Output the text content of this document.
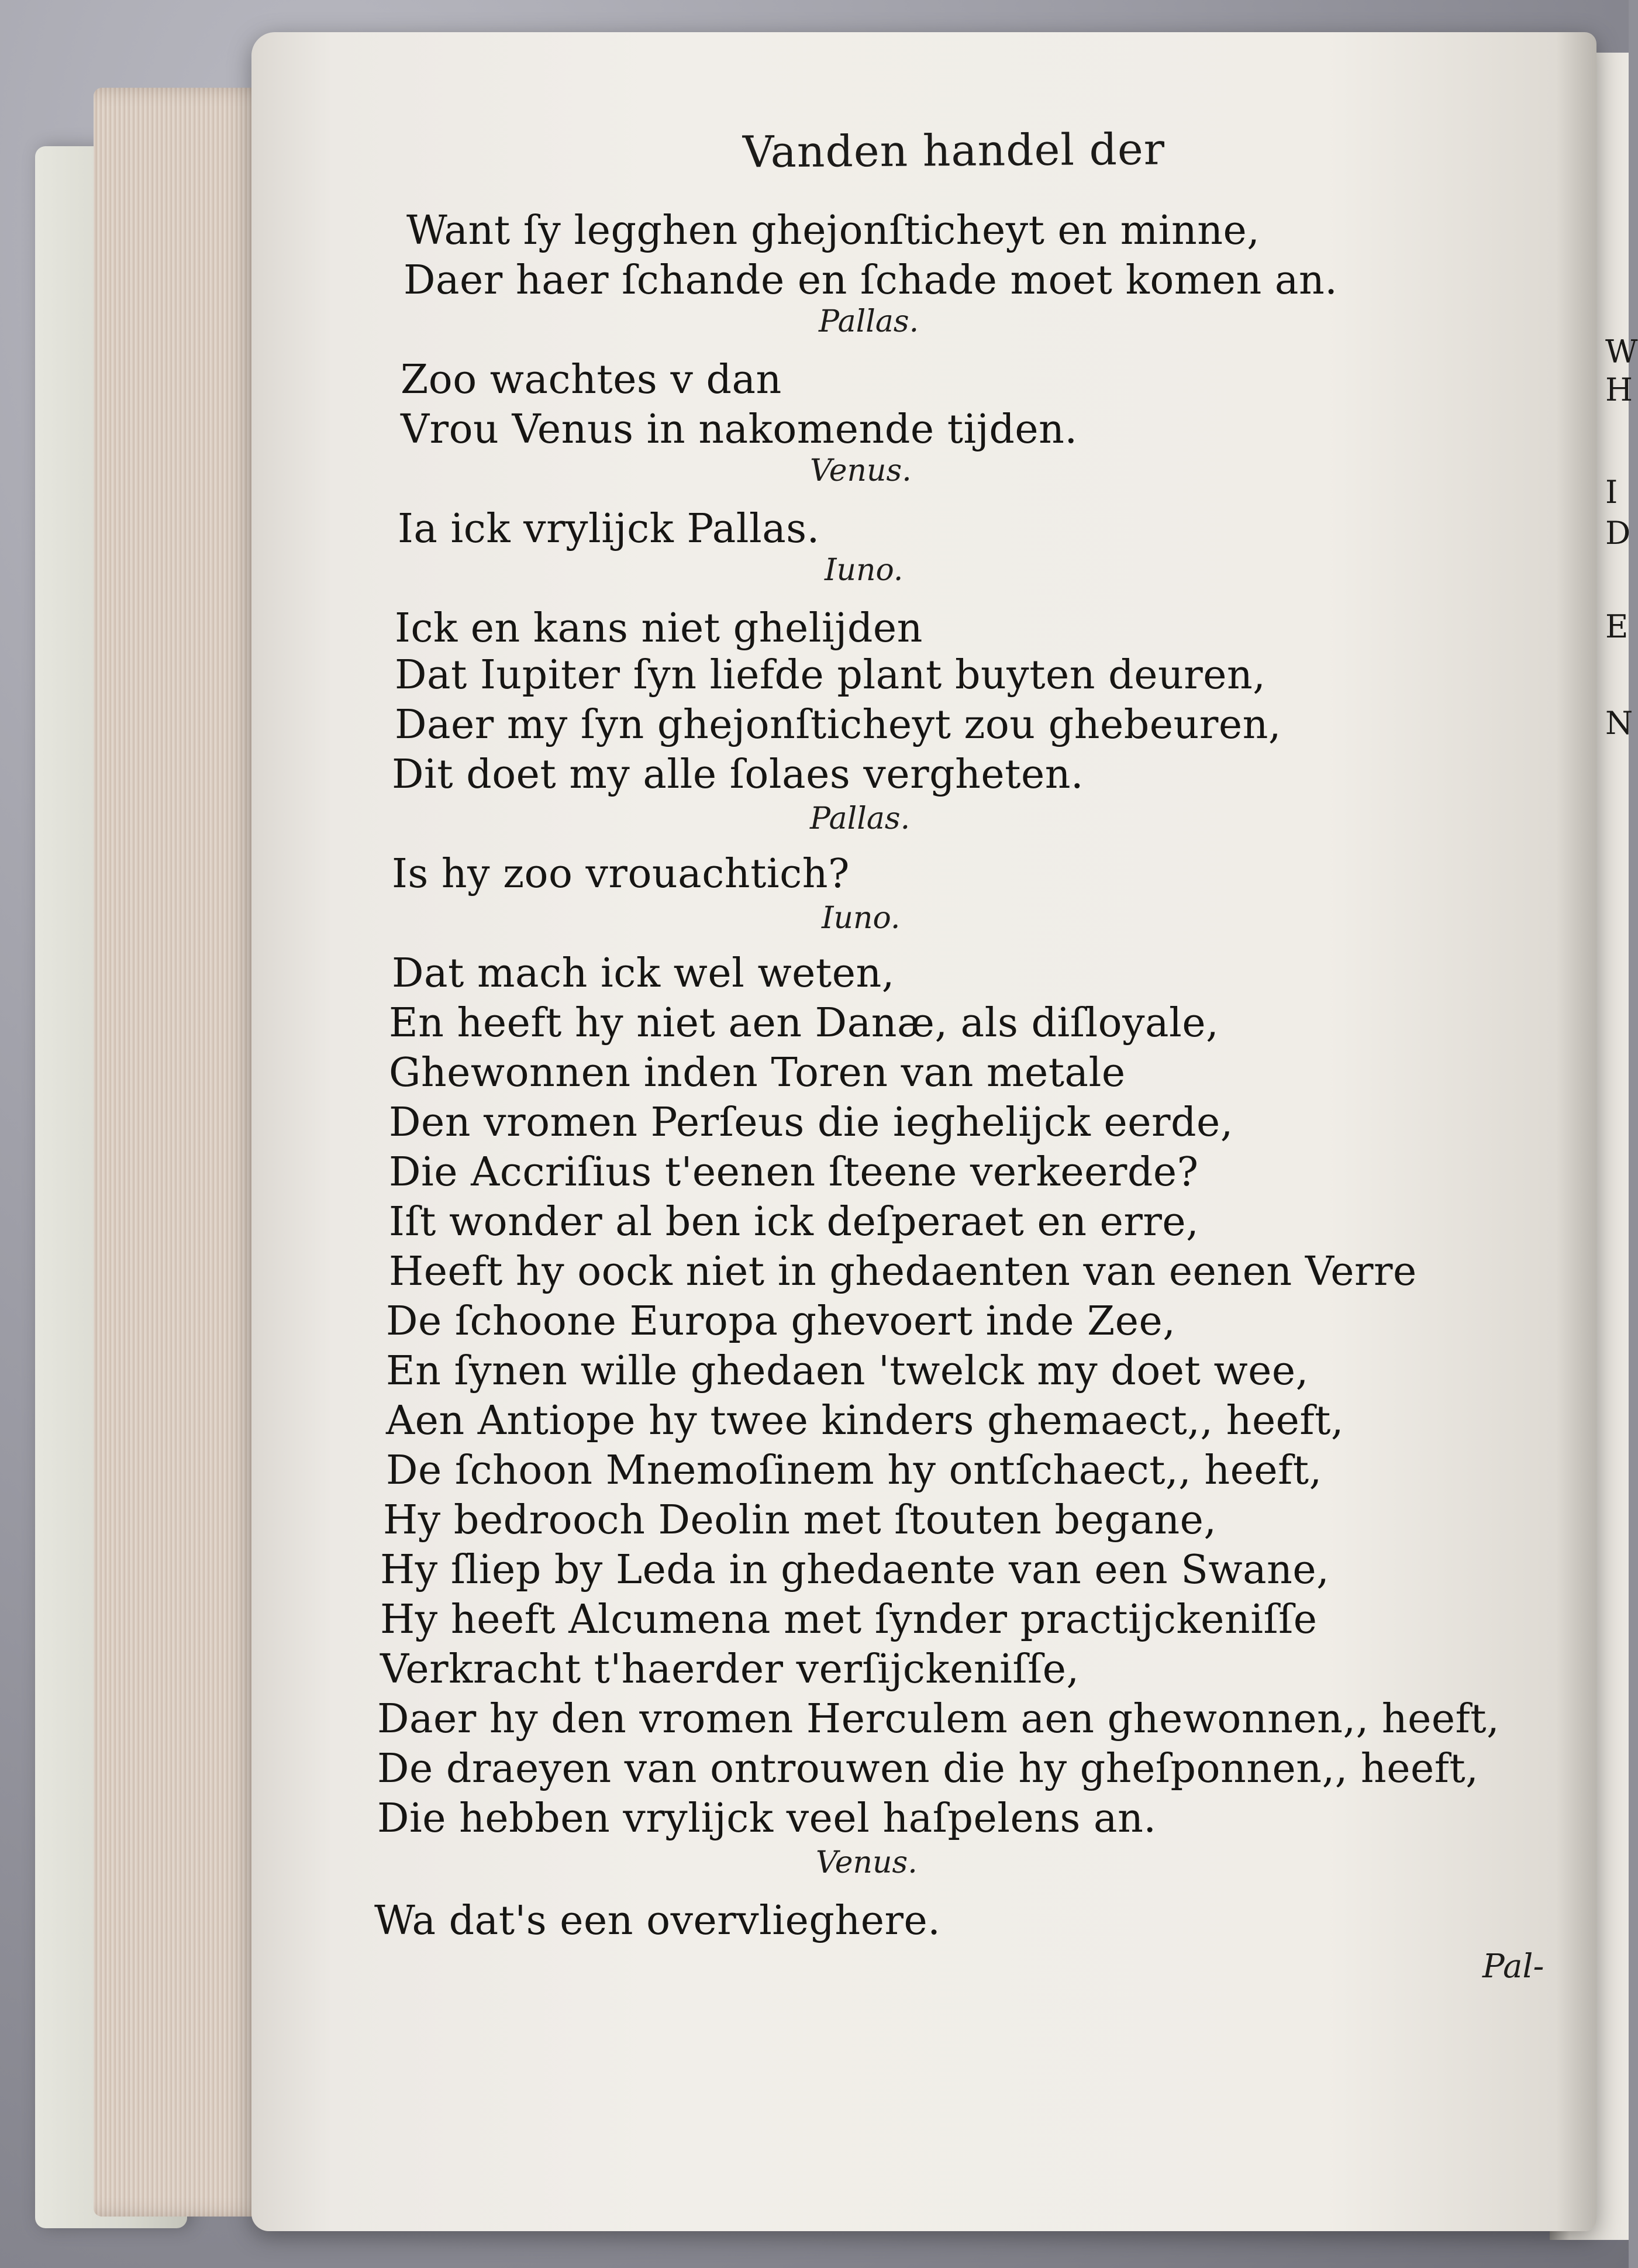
W
H
I
D
E
N
Vanden handel der
Want ſy legghen ghejonſticheyt en minne,
Daer haer ſchande en ſchade moet komen an.
Pallas.
Zoo wachtes v dan
Vrou Venus in nakomende tijden.
Venus.
Ia ick vrylijck Pallas.
Iuno.
Ick en kans niet ghelijden
Dat Iupiter ſyn liefde plant buyten deuren,
Daer my ſyn ghejonſticheyt zou ghebeuren,
Dit doet my alle ſolaes vergheten.
Pallas.
Is hy zoo vrouachtich?
Iuno.
Dat mach ick wel weten,
En heeft hy niet aen Danæ, als diſloyale,
Ghewonnen inden Toren van metale
Den vromen Perſeus die ieghelijck eerde,
Die Accriſius t'eenen ſteene verkeerde?
Iſt wonder al ben ick deſperaet en erre,
Heeft hy oock niet in ghedaenten van eenen Verre
De ſchoone Europa ghevoert inde Zee,
En ſynen wille ghedaen 'twelck my doet wee,
Aen Antiope hy twee kinders ghemaect,, heeft,
De ſchoon Mnemoſinem hy ontſchaect,, heeft,
Hy bedrooch Deolin met ſtouten begane,
Hy ſliep by Leda in ghedaente van een Swane,
Hy heeft Alcumena met ſynder practijckeniſſe
Verkracht t'haerder verſijckeniſſe,
Daer hy den vromen Herculem aen ghewonnen,, heeft,
De draeyen van ontrouwen die hy gheſponnen,, heeft,
Die hebben vrylijck veel haſpelens an.
Venus.
Wa dat's een overvlieghere.
Pal-
